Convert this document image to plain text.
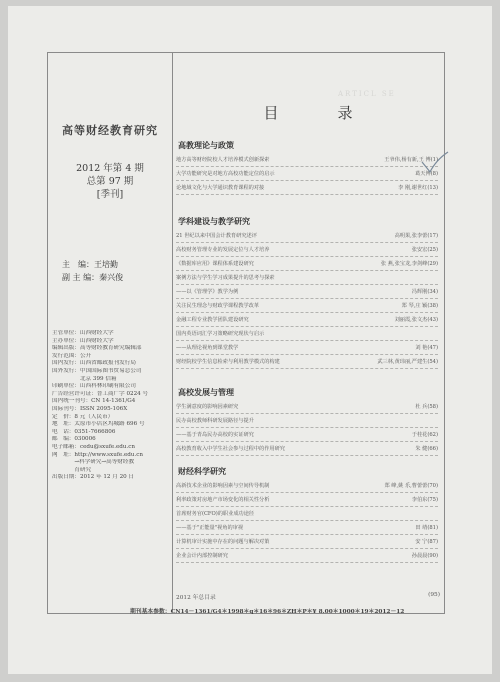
ARTICL SE
高等财经教育研究
2012 年第 4 期
总第 97 期
[季刊]
主　编：王培勤
副 主 编：秦兴俊
主管单位：山西财经大学
主办单位：山西财经大学
编辑出版：高等财经教育研究编辑部
发行范围：公开
国内发行：山西省邮政报刊发行局
国外发行：中国国际图书贸易总公司
　　　　　北京 399 信箱
印刷单位：山西科林印刷有限公司
广告经营许可证：晋工商广字 0224 号
国内统一刊号：CN 14-1361/G4
国际刊号：ISSN 2095-106X
定　价：8 元（人民币）
地　址：太原市小店区坞城路 696 号
电　话：0351-7666806
邮　编：030006
电子邮箱：cedu@sxufe.edu.cn
网　址：http://www.sxufe.edu.cn
　　　　→科学研究→高等财经教
　　　　育研究
出版日期：2012 年 12 月 20 日
目　录
高教理论与政策
地方高等财经院校人才培养模式创新探索	王爷伟,杨有新,王 博(1)
大学功能研究是对地方高校功能定位的启示	葛天博(8)
论地域文化与大学通识教育课程的对接	李 刚,谢世红(13)
学科建设与教学研究
21 世纪以来中国会计教育研究述评	高明果,张李蕾(17)
高校财务管理专业的发展定位与人才培养	张安宏(25)
《数据库应用》课程体系建设研究	张 燕,张宝龙,李剑峰(29)
案例方法与学生学习成果提升的思考与探索
——以《管理学》教学为例	冯辉刚(34)
关注民生理念与财政学课程教学改革	郑 琴,庄 颖(38)
金融工程专业教学团队建设研究	刘丽霞,张文杰(43)
国内英语词汇学习策略研究现状与启示
——从理论视角到课堂教学	刘 艳(47)
财经院校学生信息检索与利用教学模式的构建	武三林,黄玮丽,严建生(54)
高校发展与管理
学生满意度的影响因素研究	杜 兵(58)
民办高校教师科研发展路径与提升
——基于青岛民办高校的实证研究	于桂花(62)
高校教育收入中学生社会参与过程中的作用研究	朱 健(66)
财经科学研究
高新技术企业的影响因素与空间传导机制	郑 峰,姚 乐,曹蕾蕾(70)
利率政策对房地产市场变化的相关性分析	李伯东(75)
首席财务官(CFO)的职业成功途径
——基于"正能量"视角的审视	田 靖(81)
计算机审计实施中存在的问题与解决对策	安 宁(87)
企业会计内部控制研究	孙晨晨(90)
2012 年总目录	(95)
期刊基本参数：CN14－1361/G4＊1998＊q＊16＊96＊ZH＊P＊¥ 8.00＊1000＊19＊2012－12
